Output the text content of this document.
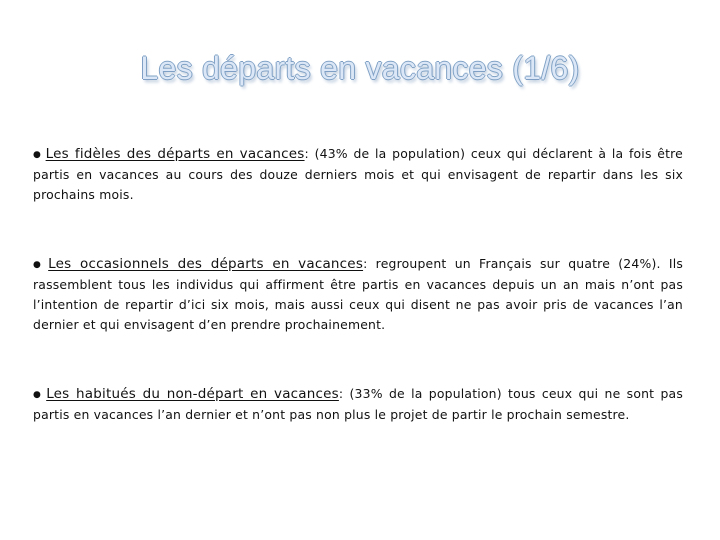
Les départs en vacances (1/6)

● Les fidèles des départs en vacances: (43% de la population) ceux qui déclarent à la fois être partis en vacances au cours des douze derniers mois et qui envisagent de repartir dans les six prochains mois.

● Les occasionnels des départs en vacances: regroupent un Français sur quatre (24%). Ils rassemblent tous les individus qui affirment être partis en vacances depuis un an mais n’ont pas l’intention de repartir d’ici six mois, mais aussi ceux qui disent ne pas avoir pris de vacances l’an dernier et qui envisagent d’en prendre prochainement.

● Les habitués du non-départ en vacances: (33% de la population) tous ceux qui ne sont pas partis en vacances l’an dernier et n’ont pas non plus le projet de partir le prochain semestre.
